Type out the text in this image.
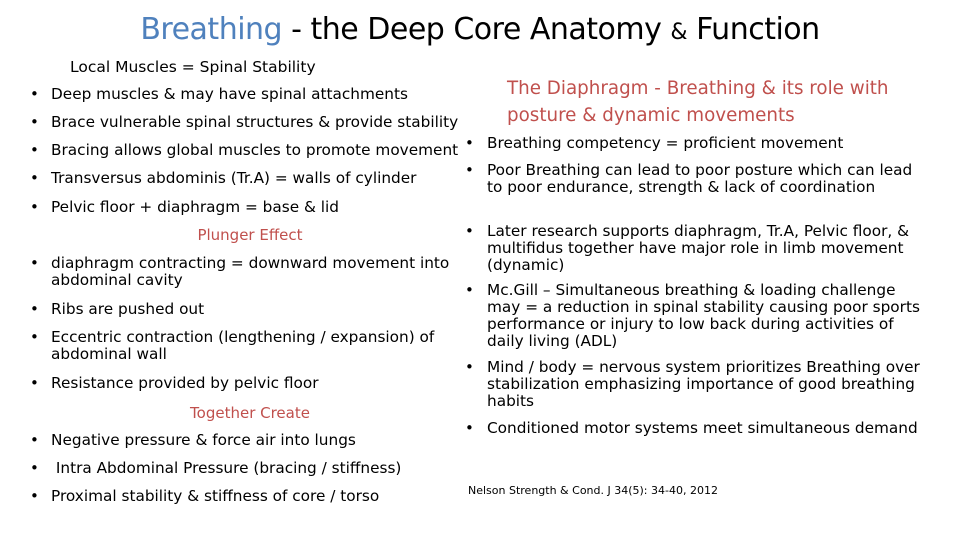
Breathing - the Deep Core Anatomy & Function
Local Muscles = Spinal Stability
• Deep muscles & may have spinal attachments
• Brace vulnerable spinal structures & provide stability
• Bracing allows global muscles to promote movement
• Transversus abdominis (Tr.A) = walls of cylinder
• Pelvic floor + diaphragm = base & lid
Plunger Effect
• diaphragm contracting = downward movement into abdominal cavity
• Ribs are pushed out
• Eccentric contraction (lengthening / expansion) of abdominal wall
• Resistance provided by pelvic floor
Together Create
• Negative pressure & force air into lungs
•  Intra Abdominal Pressure (bracing / stiffness)
• Proximal stability & stiffness of core / torso
The Diaphragm - Breathing & its role with posture & dynamic movements
• Breathing competency = proficient movement
• Poor Breathing can lead to poor posture which can lead to poor endurance, strength & lack of coordination
• Later research supports diaphragm, Tr.A, Pelvic floor, & multifidus together have major role in limb movement (dynamic)
• Mc.Gill – Simultaneous breathing & loading challenge may = a reduction in spinal stability causing poor sports performance or injury to low back during activities of daily living (ADL)
• Mind / body = nervous system prioritizes Breathing over stabilization emphasizing importance of good breathing habits
• Conditioned motor systems meet simultaneous demand
Nelson Strength & Cond. J 34(5): 34-40, 2012
